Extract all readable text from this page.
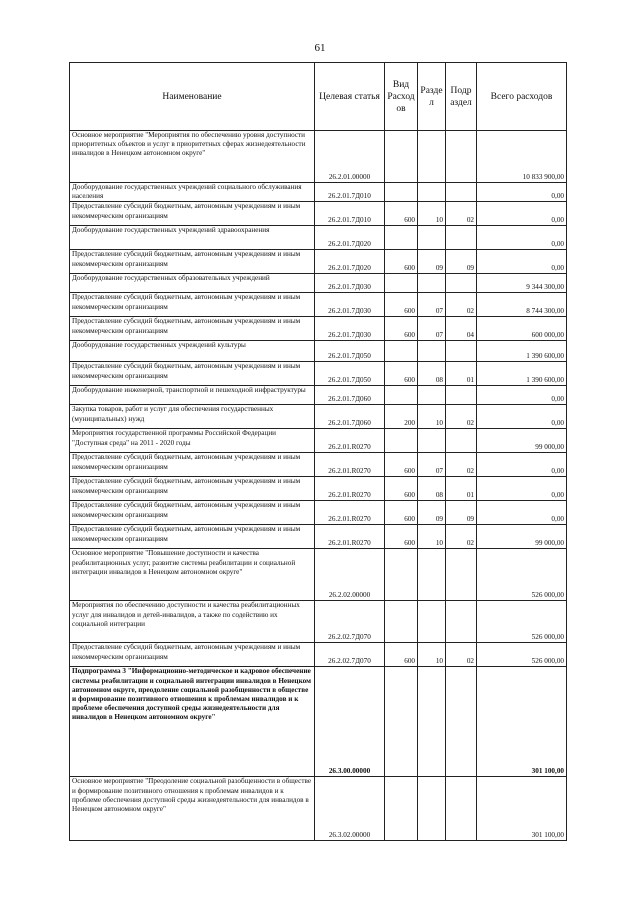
61
Наименование	Целевая статья	Вид Расход ов	Разде л	Подр аздел	Всего расходов
Основное мероприятие "Мероприятия по обеспечению уровня доступности приоритетных объектов и услуг в приоритетных сферах жизнедеятельности инвалидов в Ненецком автономном округе"	26.2.01.00000				10 833 900,00
Дооборудование государственных учреждений социального обслуживания населения	26.2.01.7Д010				0,00
Предоставление субсидий бюджетным, автономным учреждениям и иным некоммерческим организациям	26.2.01.7Д010	600	10	02	0,00
Дооборудование государственных учреждений здравоохранения	26.2.01.7Д020				0,00
Предоставление субсидий бюджетным, автономным учреждениям и иным некоммерческим организациям	26.2.01.7Д020	600	09	09	0,00
Дооборудование государственных образовательных учреждений	26.2.01.7Д030				9 344 300,00
Предоставление субсидий бюджетным, автономным учреждениям и иным некоммерческим организациям	26.2.01.7Д030	600	07	02	8 744 300,00
Предоставление субсидий бюджетным, автономным учреждениям и иным некоммерческим организациям	26.2.01.7Д030	600	07	04	600 000,00
Дооборудование государственных учреждений культуры	26.2.01.7Д050				1 390 600,00
Предоставление субсидий бюджетным, автономным учреждениям и иным некоммерческим организациям	26.2.01.7Д050	600	08	01	1 390 600,00
Дооборудование инженерной, транспортной и пешеходной инфраструктуры	26.2.01.7Д060				0,00
Закупка товаров, работ и услуг для обеспечения государственных (муниципальных) нужд	26.2.01.7Д060	200	10	02	0,00
Мероприятия государственной программы Российской Федерации "Доступная среда" на 2011 - 2020 годы	26.2.01.R0270				99 000,00
Предоставление субсидий бюджетным, автономным учреждениям и иным некоммерческим организациям	26.2.01.R0270	600	07	02	0,00
Предоставление субсидий бюджетным, автономным учреждениям и иным некоммерческим организациям	26.2.01.R0270	600	08	01	0,00
Предоставление субсидий бюджетным, автономным учреждениям и иным некоммерческим организациям	26.2.01.R0270	600	09	09	0,00
Предоставление субсидий бюджетным, автономным учреждениям и иным некоммерческим организациям	26.2.01.R0270	600	10	02	99 000,00
Основное мероприятие "Повышение доступности и качества реабилитационных услуг, развитие системы реабилитации и социальной интеграции инвалидов в Ненецком автономном округе"	26.2.02.00000				526 000,00
Мероприятия по обеспечению доступности и качества реабилитационных услуг для инвалидов и детей-инвалидов, а также по содействию их социальной интеграции	26.2.02.7Д070				526 000,00
Предоставление субсидий бюджетным, автономным учреждениям и иным некоммерческим организациям	26.2.02.7Д070	600	10	02	526 000,00
Подпрограмма 3 "Информационно-методическое и кадровое обеспечение системы реабилитации и социальной интеграции инвалидов в Ненецком автономном округе, преодоление социальной разобщенности в обществе и формирование позитивного отношения к проблемам инвалидов и к проблеме обеспечения доступной среды жизнедеятельности для инвалидов в Ненецком автономном округе"	26.3.00.00000				301 100,00
Основное мероприятие "Преодоление социальной разобщенности в обществе и формирование позитивного отношения к проблемам инвалидов и к проблеме обеспечения доступной среды жизнедеятельности для инвалидов в Ненецком автономном округе"	26.3.02.00000				301 100,00
